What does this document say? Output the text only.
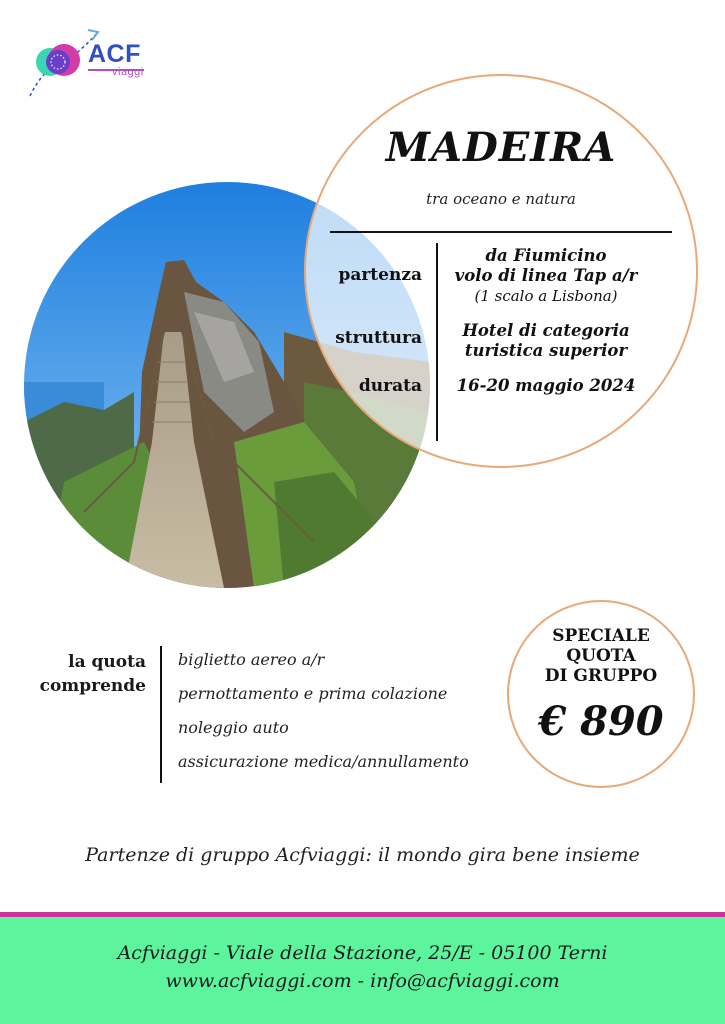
ACF
viaggi
MADEIRA
tra oceano e natura
partenza
da Fiumicino
volo di linea Tap a/r
(1 scalo a Lisbona)
struttura	Hotel di categoria
turistica superior
durata	16-20 maggio 2024
la quota
comprende
biglietto aereo a/r
pernottamento e prima colazione
noleggio auto
assicurazione medica/annullamento
SPECIALE
QUOTA
DI GRUPPO
€ 890
Partenze di gruppo Acfviaggi: il mondo gira bene insieme
Acfviaggi - Viale della Stazione, 25/E - 05100 Terni
www.acfviaggi.com - info@acfviaggi.com
